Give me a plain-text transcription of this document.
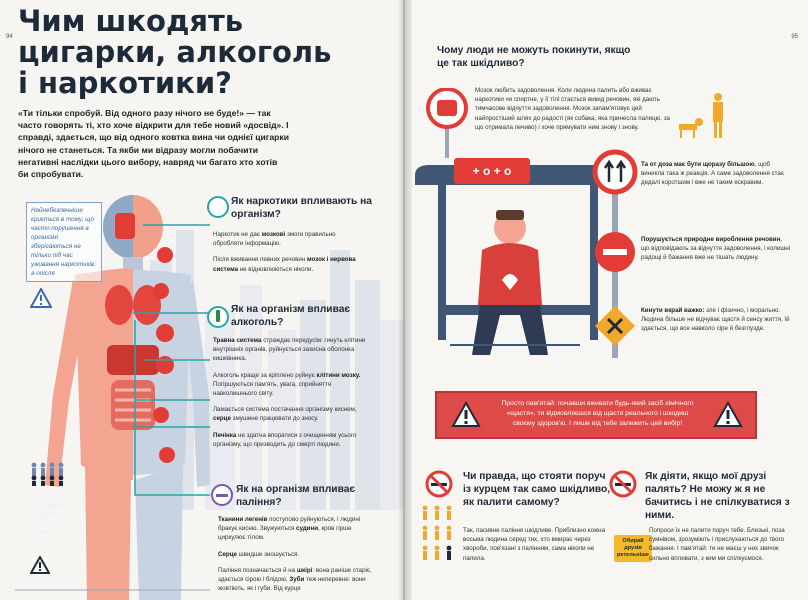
94 Чим шкодять цигарки, алкоголь і наркотики?

«Ти тільки спробуй. Від одного разу нічого не буде!» — так часто говорять ті, хто хоче відкрити для тебе новий «досвід». І справді, здається, що від одного ковтка вина чи однієї цигарки нічого не станеться. Та якби ми відразу могли побачити негативні наслідки цього вибору, навряд чи багато хто хотів би спробувати.

Найнебезпечніше криється в тому, що часто порушення в організмі зберігаються не тільки під час уживання наркотиків, а опісля
Кожен другий курець умирає від хвороби, пов'язаної з палінням
Як наркотики впливають на організм?

Наркотик не дає мозкові змоги правильно обробляти інформацію.

Після вживання певних речовин мозок і нервова система не відновлюються ніколи.

Як на організм впливає алкоголь?

Травна система страждає передусім: гинуть клітини внутрішніх органів, руйнується захисна оболонка кишківника.

Алкоголь краще за кріплено руйнує клітини мозку. Погіршуються пам'ять, увага, сприйняття навколишнього світу.

Ламається система постачання організму киснем, серце змушене працювати до зносу.

Печінка не здатна впоратися з очищенням усього організму, що призводить до смерті людини.

Як на організм впливає паління?

Тканини легенів поступово руйнуються, і людині бракує кисню. Звужуються судини, кров гірше циркулює тілом.

Серце швидше зношується.

Паління позначається й на шкірі: вона раніше старіє, здається сірою і блідою. Зуби теж неперевне: вони жовтіють, як і губи. Від курця

95
Чому люди не можуть покинути, якщо це так шкідливо?
Мозок любить задоволення. Коли людина палить або вживає наркотики чи спиртне, у її тілі стається викид речовин, які дають тимчасове відчуття задоволення. Мозок запам'ятовує цей найпростіший шлях до радості (як собака, яка принесла палицю, за що отримала печиво) і хоче прямувати ним знову і знову.
+ o + o	Та от доза має бути щоразу більшою, щоб виникла така ж реакція. А саме задоволення стає дедалі коротшим і вже не таким яскравим.
Порушується природне вироблення речовин, що відповідають за відчуття задоволення, і колишні радощі й бажання вже не тішать людину.
Кинути вкрай важко: зле і фізично, і морально. Людина більше не відчуває щастя й сенсу життя, їй здається, що все навколо сіре й безглузде.
Просто пам'ятай: почавши вживати будь-який засіб хімічного «щастя», ти відмовляєшся від щастя реального і шкодиш своєму здоров'ю. І лише від тебе залежить цей вибір!
Чи правда, що стояти поруч із курцем так само шкідливо, як палити самому?
Так, пасивне паління шкідливе. Приблизно кожна восьма людина серед тих, хто вмирає через хвороби, пов'язані з палінням, сама ніколи не палила.
Обирай друзів ретельніше
Як діяти, якщо мої друзі палять? Не можу ж я не бачитись і не спілкуватися з ними.
Попроси їх не палити поруч тебе. Близькі, поза сумнівом, зрозуміють і прислухаються до твого бажання. І пам'ятай: ти не маєш у них звичок сильно впливати, з ким ми спілкуємося.
